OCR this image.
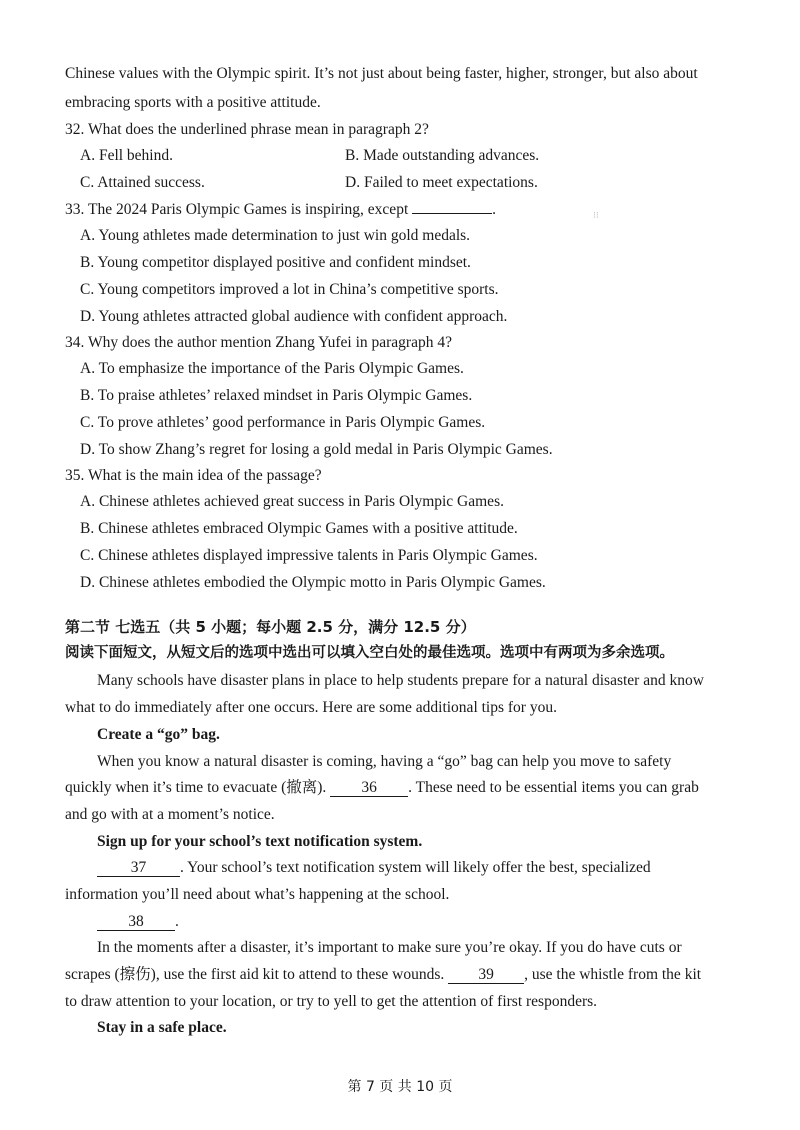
Chinese values with the Olympic spirit. It’s not just about being faster, higher, stronger, but also about
embracing sports with a positive attitude.
32. What does the underlined phrase mean in paragraph 2?
A. Fell behind.	B. Made outstanding advances.
C. Attained success.	D. Failed to meet expectations.
33. The 2024 Paris Olympic Games is inspiring, except	.	⁝⁝
A. Young athletes made determination to just win gold medals.
B. Young competitor displayed positive and confident mindset.
C. Young competitors improved a lot in China’s competitive sports.
D. Young athletes attracted global audience with confident approach.
34. Why does the author mention Zhang Yufei in paragraph 4?
A. To emphasize the importance of the Paris Olympic Games.
B. To praise athletes’ relaxed mindset in Paris Olympic Games.
C. To prove athletes’ good performance in Paris Olympic Games.
D. To show Zhang’s regret for losing a gold medal in Paris Olympic Games.
35. What is the main idea of the passage?
A. Chinese athletes achieved great success in Paris Olympic Games.
B. Chinese athletes embraced Olympic Games with a positive attitude.
C. Chinese athletes displayed impressive talents in Paris Olympic Games.
D. Chinese athletes embodied the Olympic motto in Paris Olympic Games.
第二节 七选五（共 5 小题；每小题 2.5 分，满分 12.5 分）
阅读下面短文，从短文后的选项中选出可以填入空白处的最佳选项。选项中有两项为多余选项。
Many schools have disaster plans in place to help students prepare for a natural disaster and know
what to do immediately after one occurs. Here are some additional tips for you.
Create a “go” bag.
When you know a natural disaster is coming, having a “go” bag can help you move to safety
quickly when it’s time to evacuate (撤离). 36 . These need to be essential items you can grab
and go with at a moment’s notice.
Sign up for your school’s text notification system.
37 . Your school’s text notification system will likely offer the best, specialized
information you’ll need about what’s happening at the school.
38 .
In the moments after a disaster, it’s important to make sure you’re okay. If you do have cuts or
scrapes (擦伤), use the first aid kit to attend to these wounds. 39 , use the whistle from the kit
to draw attention to your location, or try to yell to get the attention of first responders.
Stay in a safe place.
第 7 页 共 10 页
